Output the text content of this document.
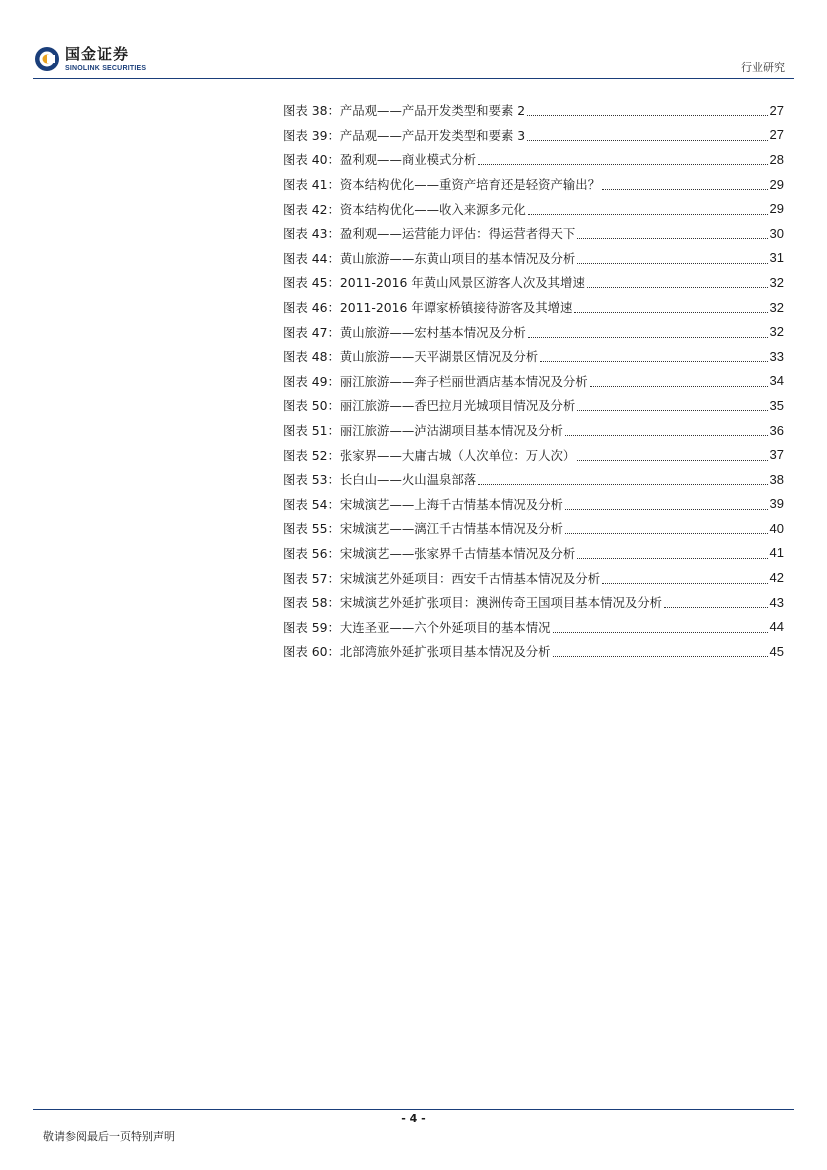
国金证券
SINOLINK SECURITIES	行业研究
图表 38： 产品观——产品开发类型和要素 2	27
图表 39： 产品观——产品开发类型和要素 3	27
图表 40： 盈利观——商业模式分析	28
图表 41： 资本结构优化——重资产培育还是轻资产输出？	29
图表 42： 资本结构优化——收入来源多元化	29
图表 43： 盈利观——运营能力评估：得运营者得天下	30
图表 44： 黄山旅游——东黄山项目的基本情况及分析	31
图表 45： 2011-2016 年黄山风景区游客人次及其增速	32
图表 46： 2011-2016 年谭家桥镇接待游客及其增速	32
图表 47： 黄山旅游——宏村基本情况及分析	32
图表 48： 黄山旅游——天平湖景区情况及分析	33
图表 49： 丽江旅游——奔子栏丽世酒店基本情况及分析	34
图表 50： 丽江旅游——香巴拉月光城项目情况及分析	35
图表 51： 丽江旅游——泸沽湖项目基本情况及分析	36
图表 52： 张家界——大庸古城（人次单位：万人次）	37
图表 53： 长白山——火山温泉部落	38
图表 54： 宋城演艺——上海千古情基本情况及分析	39
图表 55： 宋城演艺——漓江千古情基本情况及分析	40
图表 56： 宋城演艺——张家界千古情基本情况及分析	41
图表 57： 宋城演艺外延项目：西安千古情基本情况及分析	42
图表 58： 宋城演艺外延扩张项目：澳洲传奇王国项目基本情况及分析	43
图表 59： 大连圣亚——六个外延项目的基本情况	44
图表 60： 北部湾旅外延扩张项目基本情况及分析	45
- 4 -
敬请参阅最后一页特别声明
